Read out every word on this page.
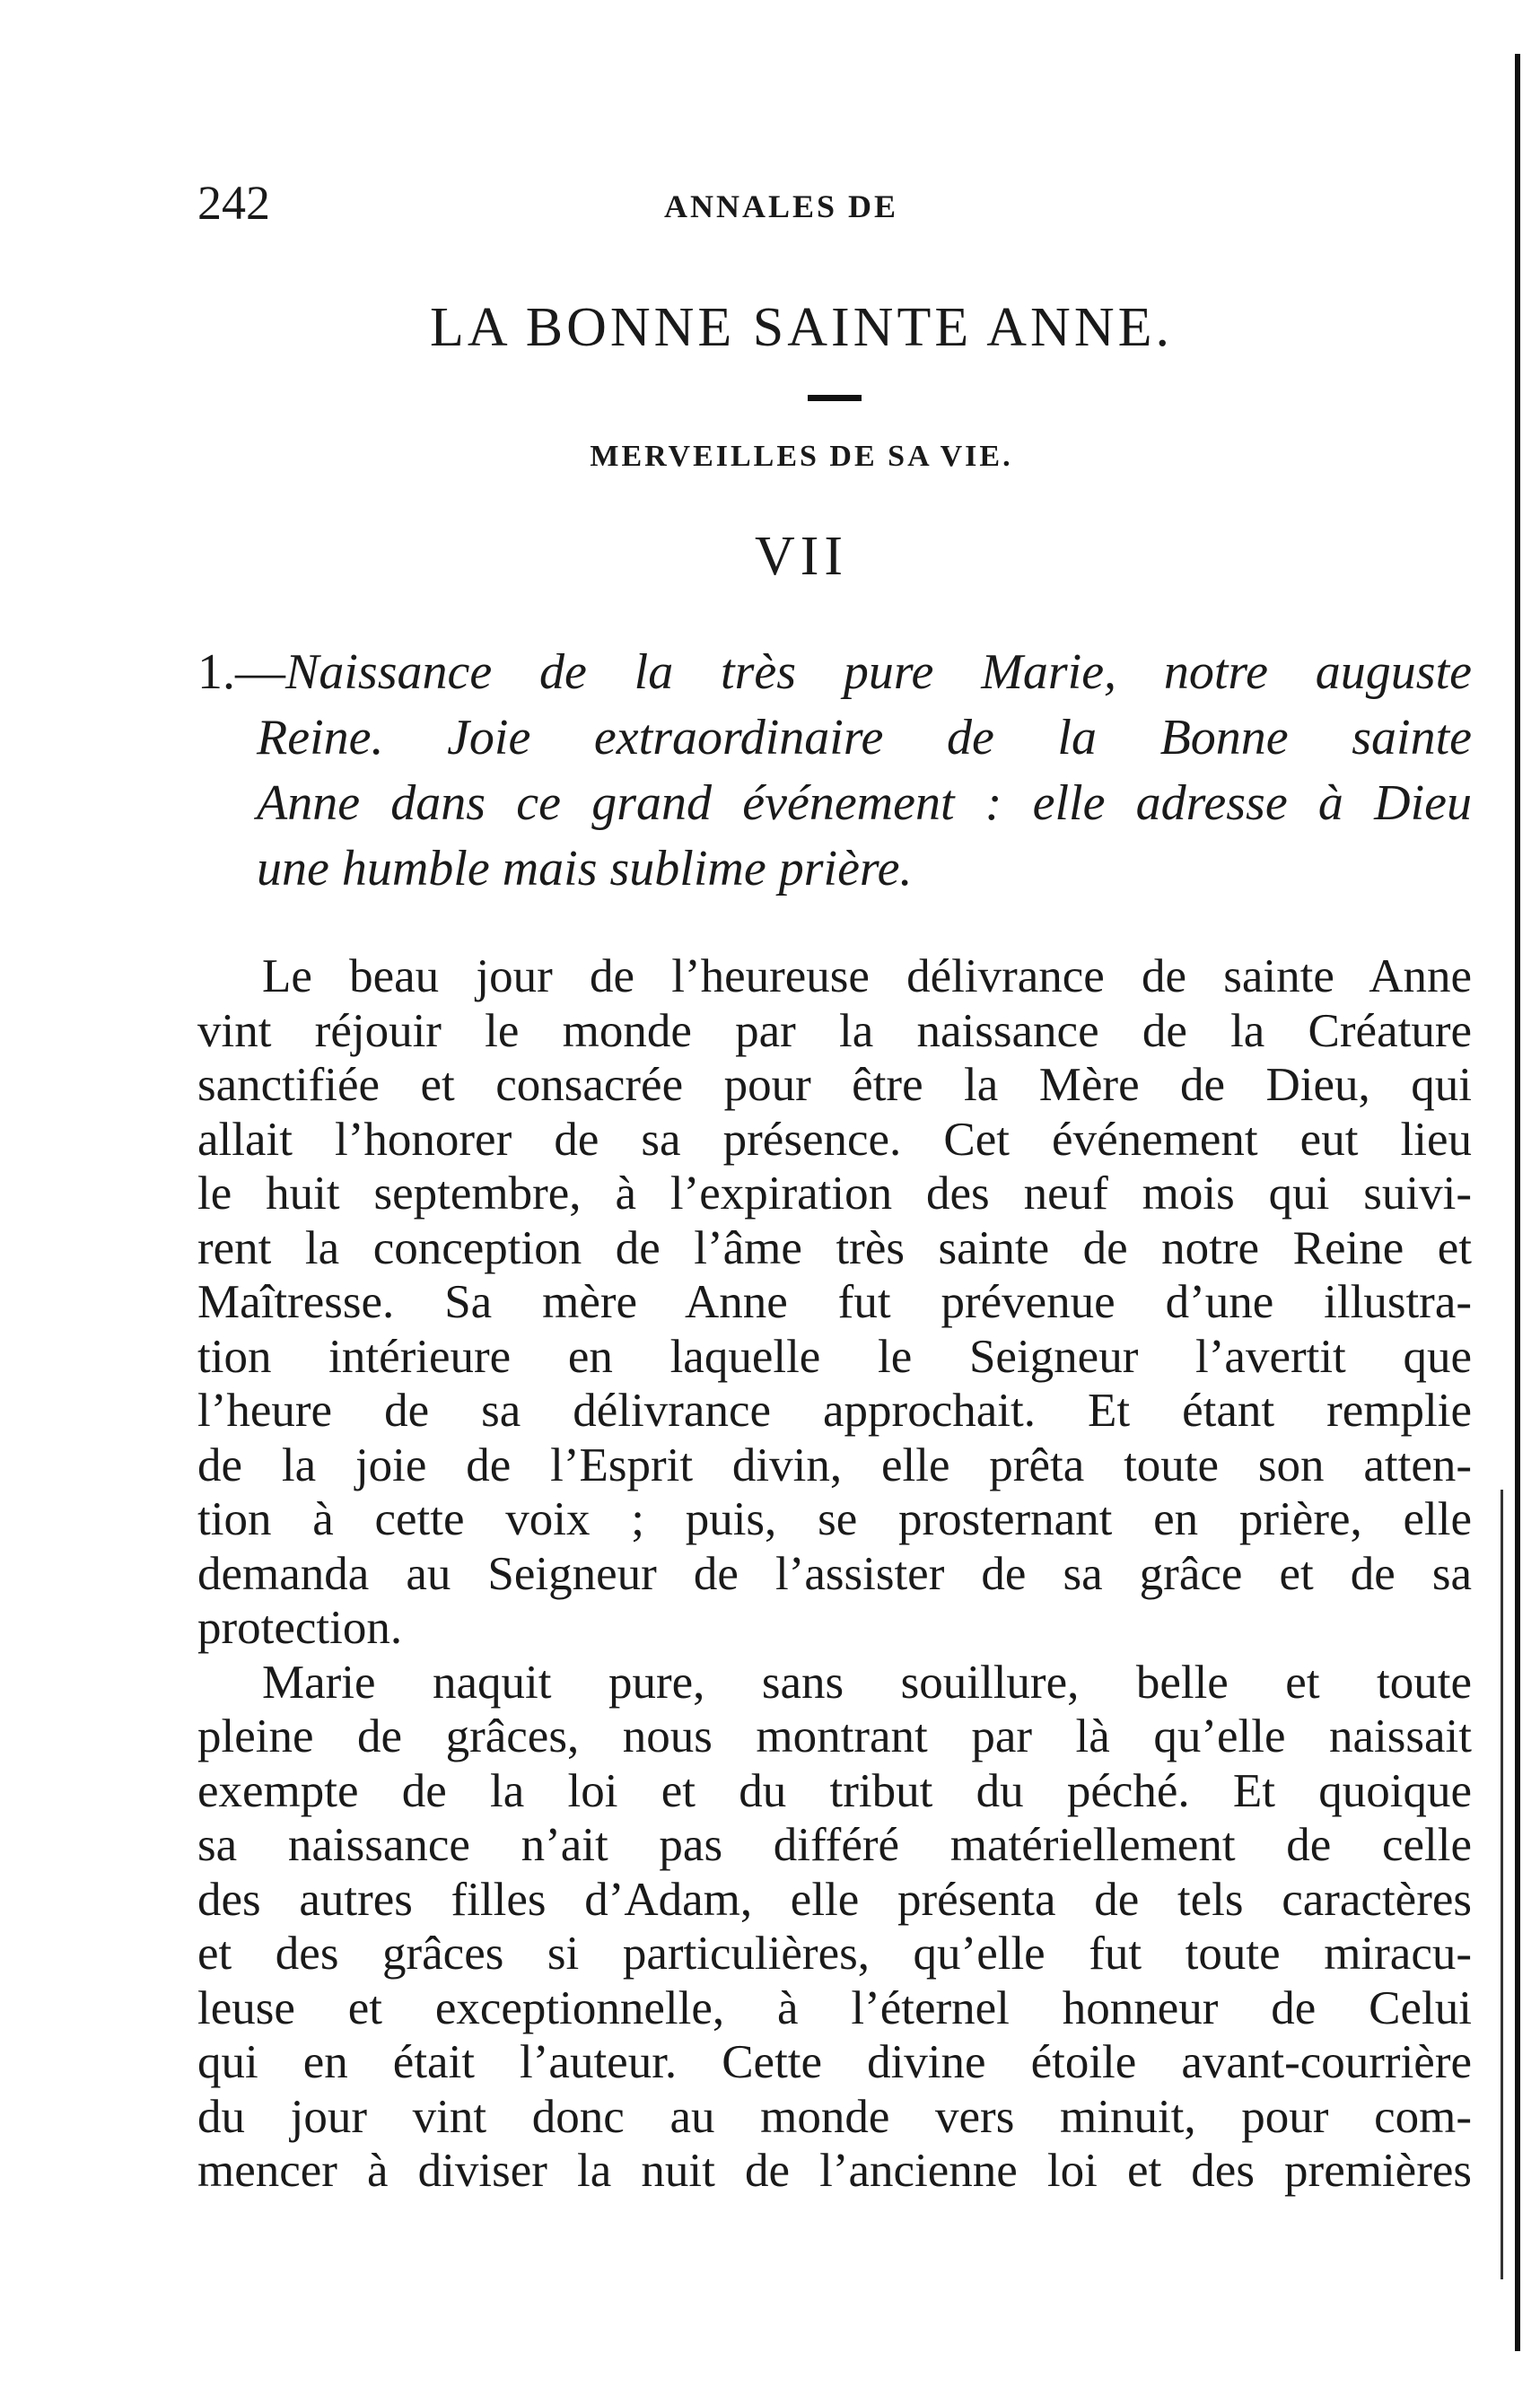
242	ANNALES DE
LA BONNE SAINTE ANNE.
MERVEILLES DE SA VIE.
VII
1.—Naissance de la très pure Marie, notre auguste
Reine. Joie extraordinaire de la Bonne sainte
Anne dans ce grand événement : elle adresse à Dieu
une humble mais sublime prière.
Le beau jour de l’heureuse délivrance de sainte Anne
vint réjouir le monde par la naissance de la Créature
sanctifiée et consacrée pour être la Mère de Dieu, qui
allait l’honorer de sa présence. Cet événement eut lieu
le huit septembre, à l’expiration des neuf mois qui suivi-
rent la conception de l’âme très sainte de notre Reine et
Maîtresse. Sa mère Anne fut prévenue d’une illustra-
tion intérieure en laquelle le Seigneur l’avertit que
l’heure de sa délivrance approchait. Et étant remplie
de la joie de l’Esprit divin, elle prêta toute son atten-
tion à cette voix ; puis, se prosternant en prière, elle
demanda au Seigneur de l’assister de sa grâce et de sa
protection.
Marie naquit pure, sans souillure, belle et toute
pleine de grâces, nous montrant par là qu’elle naissait
exempte de la loi et du tribut du péché. Et quoique
sa naissance n’ait pas différé matériellement de celle
des autres filles d’Adam, elle présenta de tels caractères
et des grâces si particulières, qu’elle fut toute miracu-
leuse et exceptionnelle, à l’éternel honneur de Celui
qui en était l’auteur. Cette divine étoile avant-courrière
du jour vint donc au monde vers minuit, pour com-
mencer à diviser la nuit de l’ancienne loi et des premières
